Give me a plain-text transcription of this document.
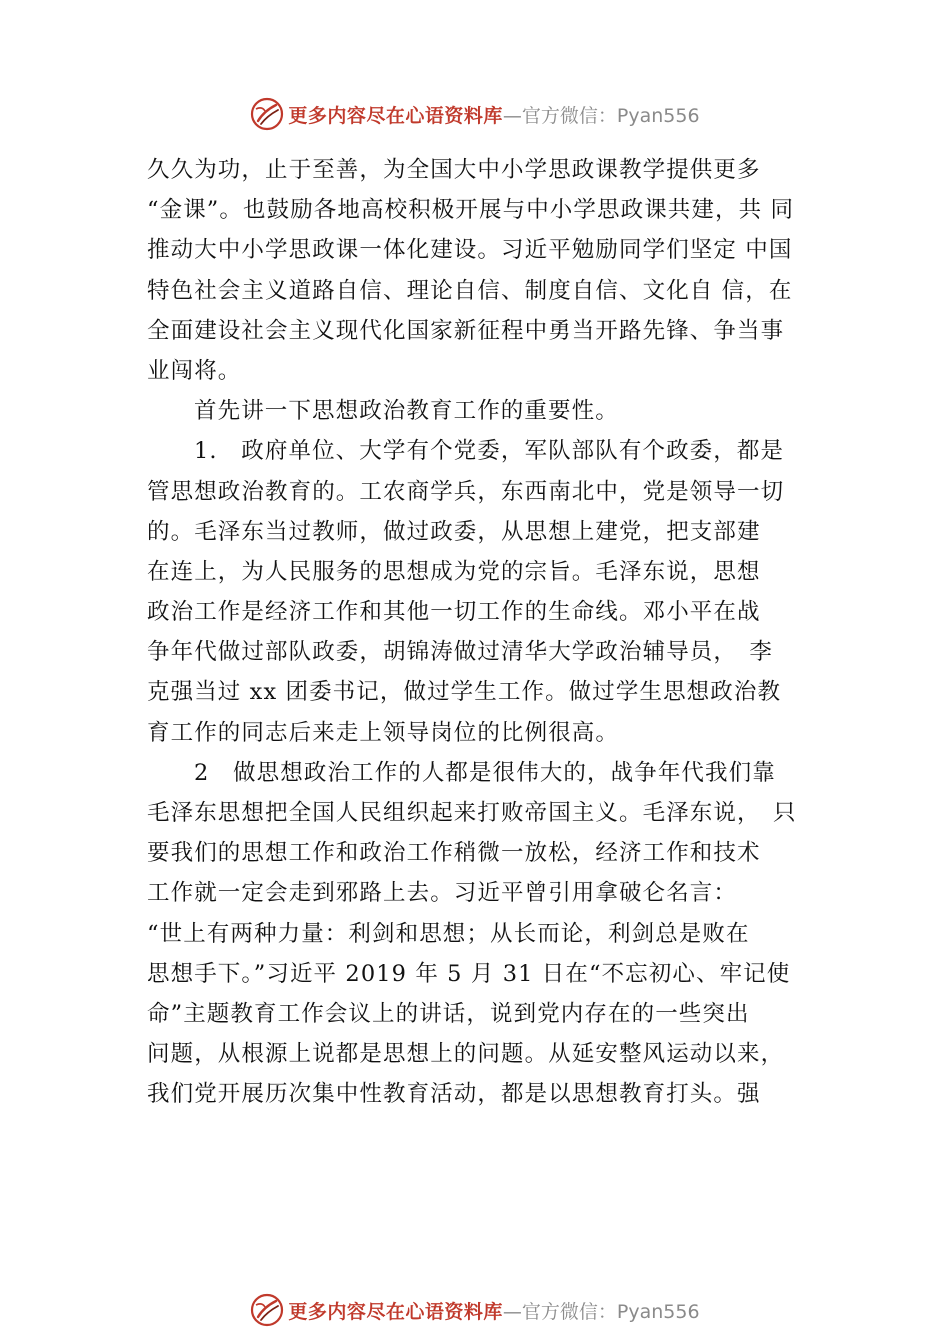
更多内容尽在心语资料库 —官方微信：Pyan556
久久为功，止于至善，为全国大中小学思政课教学提供更多
“金课”。也鼓励各地高校积极开展与中小学思政课共建，共 同
推动大中小学思政课一体化建设。习近平勉励同学们坚定 中国
特色社会主义道路自信、理论自信、制度自信、文化自 信，在
全面建设社会主义现代化国家新征程中勇当开路先锋、争当事
业闯将。
首先讲一下思想政治教育工作的重要性。
1.　政府单位、大学有个党委，军队部队有个政委，都是
管思想政治教育的。工农商学兵，东西南北中，党是领导一切
的。毛泽东当过教师，做过政委，从思想上建党，把支部建
在连上，为人民服务的思想成为党的宗旨。毛泽东说，思想
政治工作是经济工作和其他一切工作的生命线。邓小平在战
争年代做过部队政委，胡锦涛做过清华大学政治辅导员，　李
克强当过 xx 团委书记，做过学生工作。做过学生思想政治教
育工作的同志后来走上领导岗位的比例很高。
2　做思想政治工作的人都是很伟大的，战争年代我们靠
毛泽东思想把全国人民组织起来打败帝国主义。毛泽东说，　只
要我们的思想工作和政治工作稍微一放松，经济工作和技术
工作就一定会走到邪路上去。习近平曾引用拿破仑名言：
“世上有两种力量：利剑和思想；从长而论，利剑总是败在
思想手下。”习近平 2019 年 5 月 31 日在“不忘初心、牢记使
命”主题教育工作会议上的讲话，说到党内存在的一些突出
问题，从根源上说都是思想上的问题。从延安整风运动以来，
我们党开展历次集中性教育活动，都是以思想教育打头。强
更多内容尽在心语资料库 —官方微信：Pyan556
